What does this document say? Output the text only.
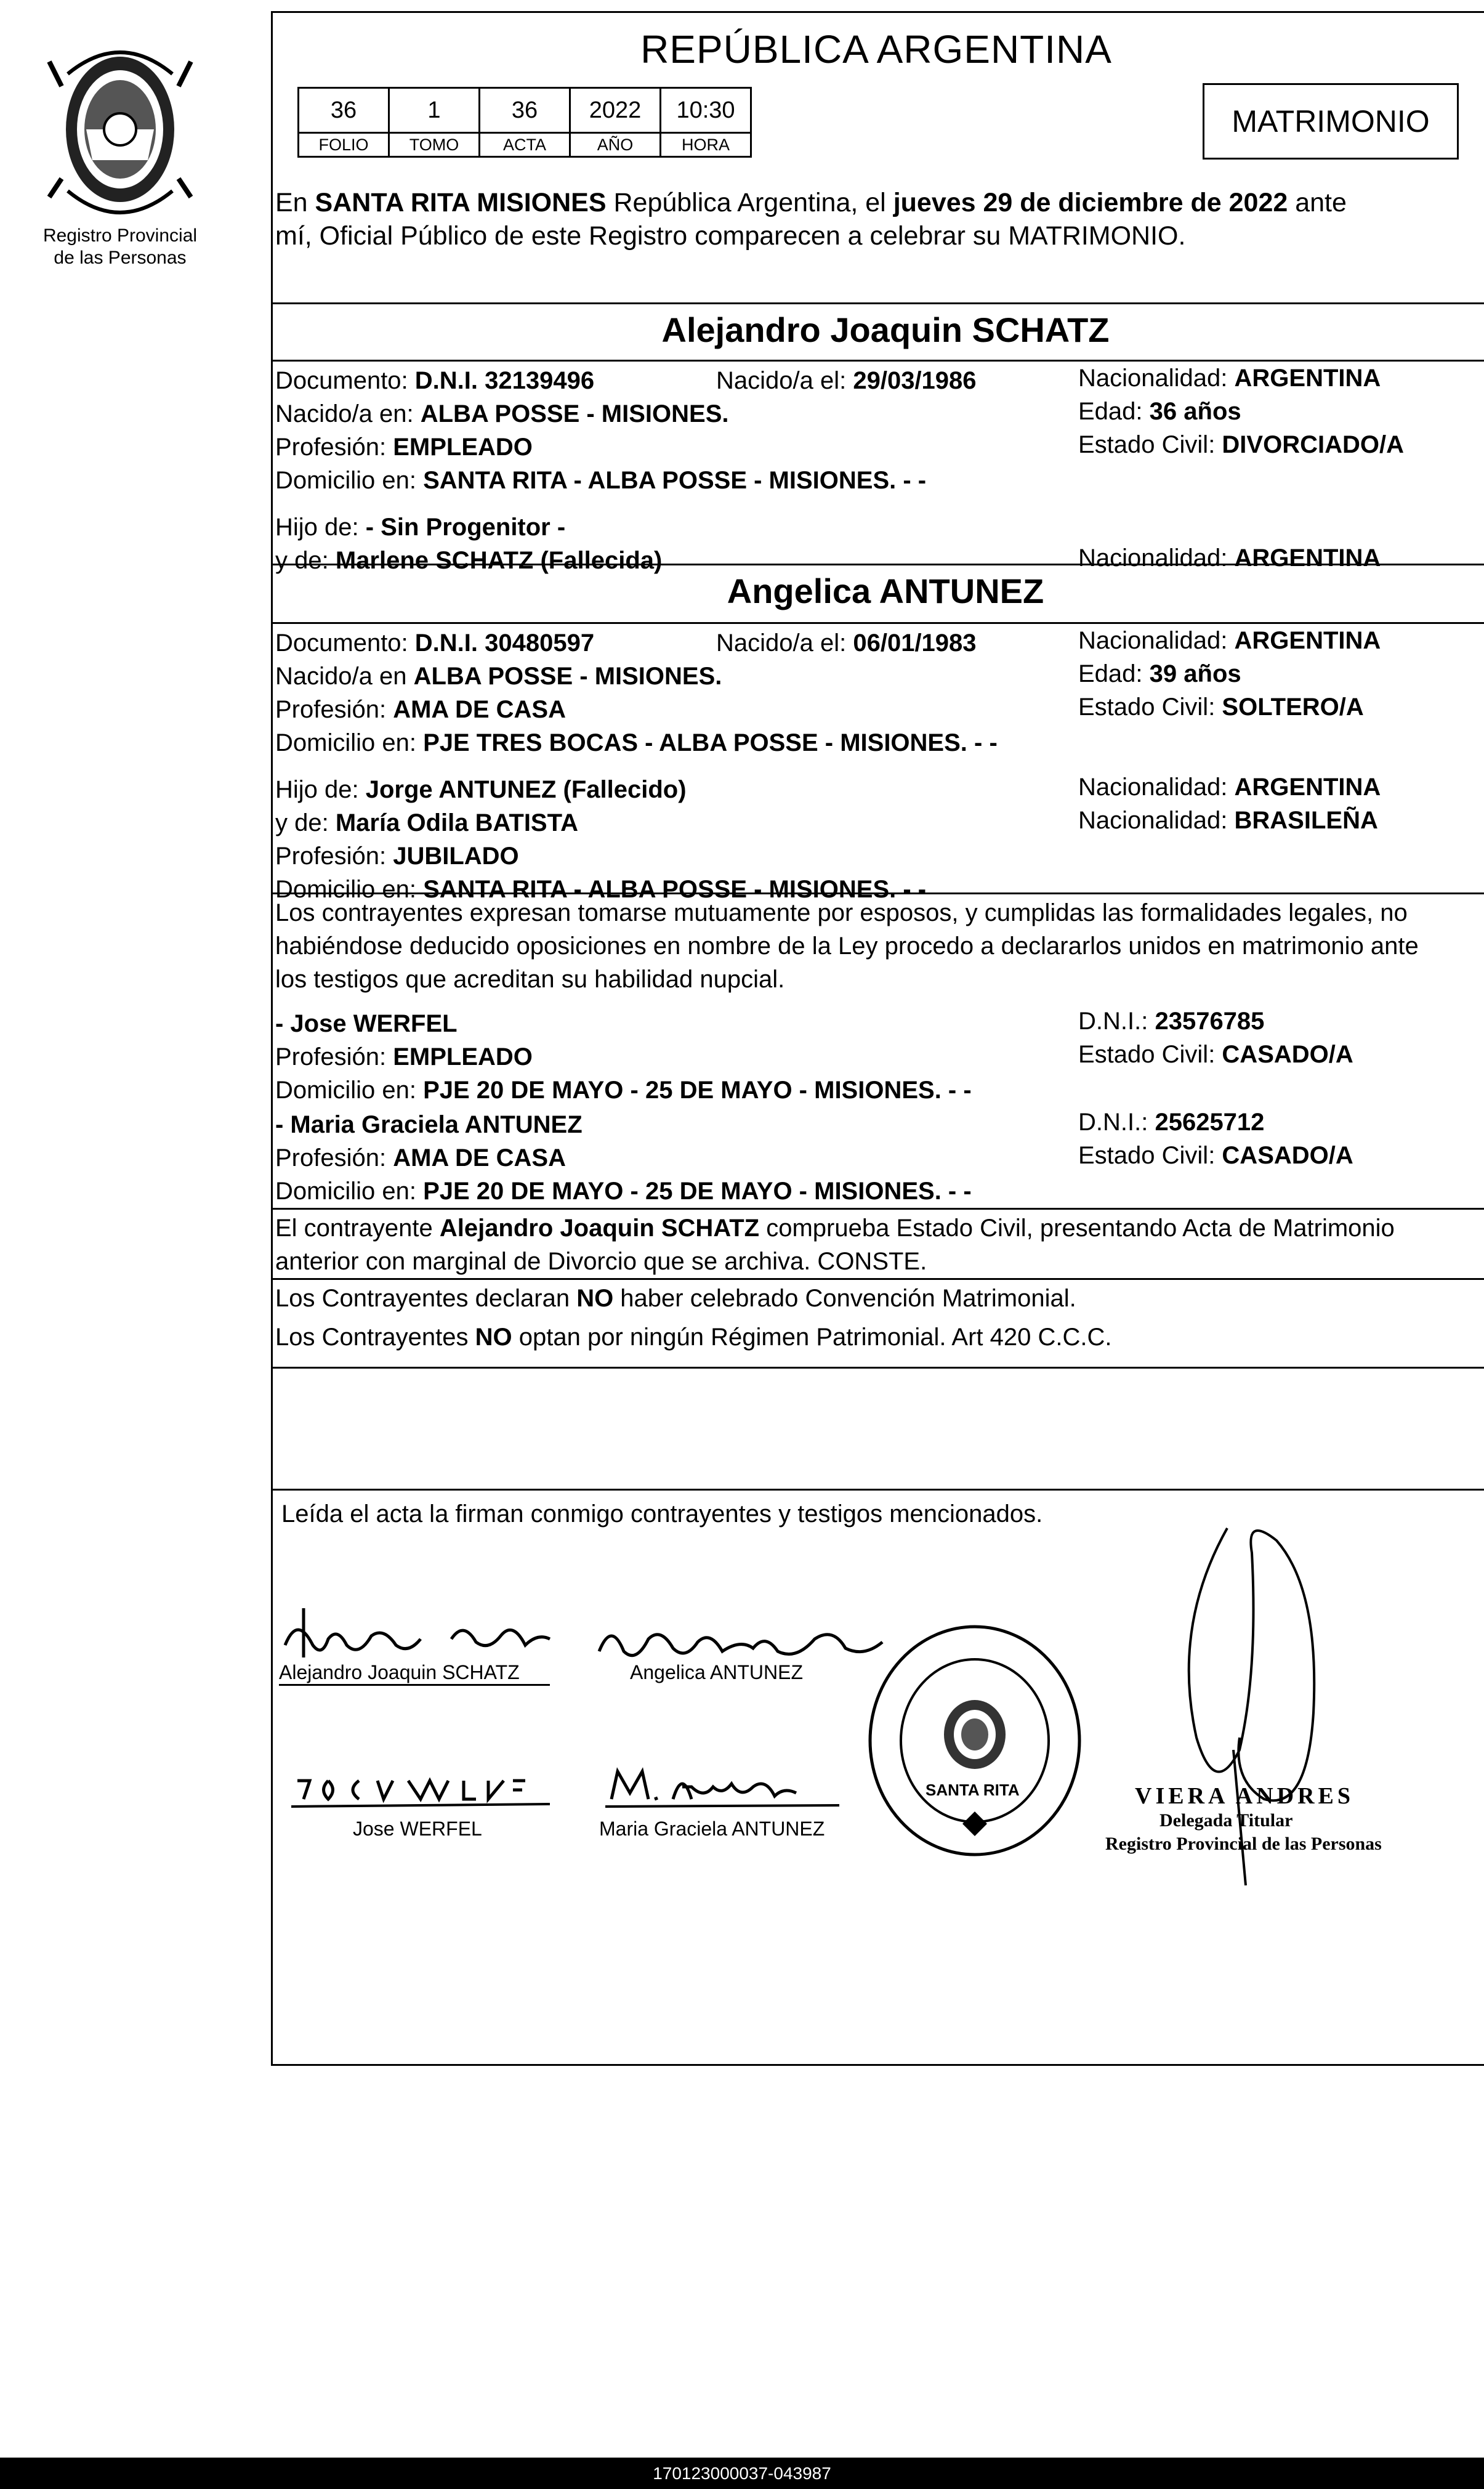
Registro Provincial
de las Personas
REPÚBLICA ARGENTINA
36	1	36	2022	10:30
FOLIO	TOMO	ACTA	AÑO	HORA
MATRIMONIO
En SANTA RITA MISIONES República Argentina, el jueves 29 de diciembre de 2022 ante
mí, Oficial Público de este Registro comparecen a celebrar su MATRIMONIO.
Alejandro Joaquin SCHATZ
Documento: D.N.I. 32139496	Nacido/a el: 29/03/1986	Nacionalidad: ARGENTINA
Nacido/a en: ALBA POSSE - MISIONES.	Edad: 36 años
Profesión: EMPLEADO	Estado Civil: DIVORCIADO/A
Domicilio en: SANTA RITA - ALBA POSSE - MISIONES. - -
Hijo de: - Sin Progenitor -
y de: Marlene SCHATZ (Fallecida)	Nacionalidad: ARGENTINA
Angelica ANTUNEZ
Documento: D.N.I. 30480597	Nacido/a el: 06/01/1983	Nacionalidad: ARGENTINA
Nacido/a en ALBA POSSE - MISIONES.	Edad: 39 años
Profesión: AMA DE CASA	Estado Civil: SOLTERO/A
Domicilio en: PJE TRES BOCAS - ALBA POSSE - MISIONES. - -
Hijo de: Jorge ANTUNEZ (Fallecido)	Nacionalidad: ARGENTINA
y de: María Odila BATISTA	Nacionalidad: BRASILEÑA
Profesión: JUBILADO
Domicilio en: SANTA RITA - ALBA POSSE - MISIONES. - -
Los contrayentes expresan tomarse mutuamente por esposos, y cumplidas las formalidades legales, no
habiéndose deducido oposiciones en nombre de la Ley procedo a declararlos unidos en matrimonio ante
los testigos que acreditan su habilidad nupcial.
- Jose WERFEL	D.N.I.: 23576785
Profesión: EMPLEADO	Estado Civil: CASADO/A
Domicilio en: PJE 20 DE MAYO - 25 DE MAYO - MISIONES. - -
- Maria Graciela ANTUNEZ	D.N.I.: 25625712
Profesión: AMA DE CASA	Estado Civil: CASADO/A
Domicilio en: PJE 20 DE MAYO - 25 DE MAYO - MISIONES. - -
El contrayente Alejandro Joaquin SCHATZ comprueba Estado Civil, presentando Acta de Matrimonio
anterior con marginal de Divorcio que se archiva. CONSTE.
Los Contrayentes declaran NO haber celebrado Convención Matrimonial.
Los Contrayentes NO optan por ningún Régimen Patrimonial. Art 420 C.C.C.
Leída el acta la firman conmigo contrayentes y testigos mencionados.
Alejandro Joaquin SCHATZ	Angelica ANTUNEZ
Jose WERFEL	Maria Graciela ANTUNEZ
SANTA RITA	VIERA ANDRES
Delegada Titular
Registro Provincial de las Personas
170123000037-043987
